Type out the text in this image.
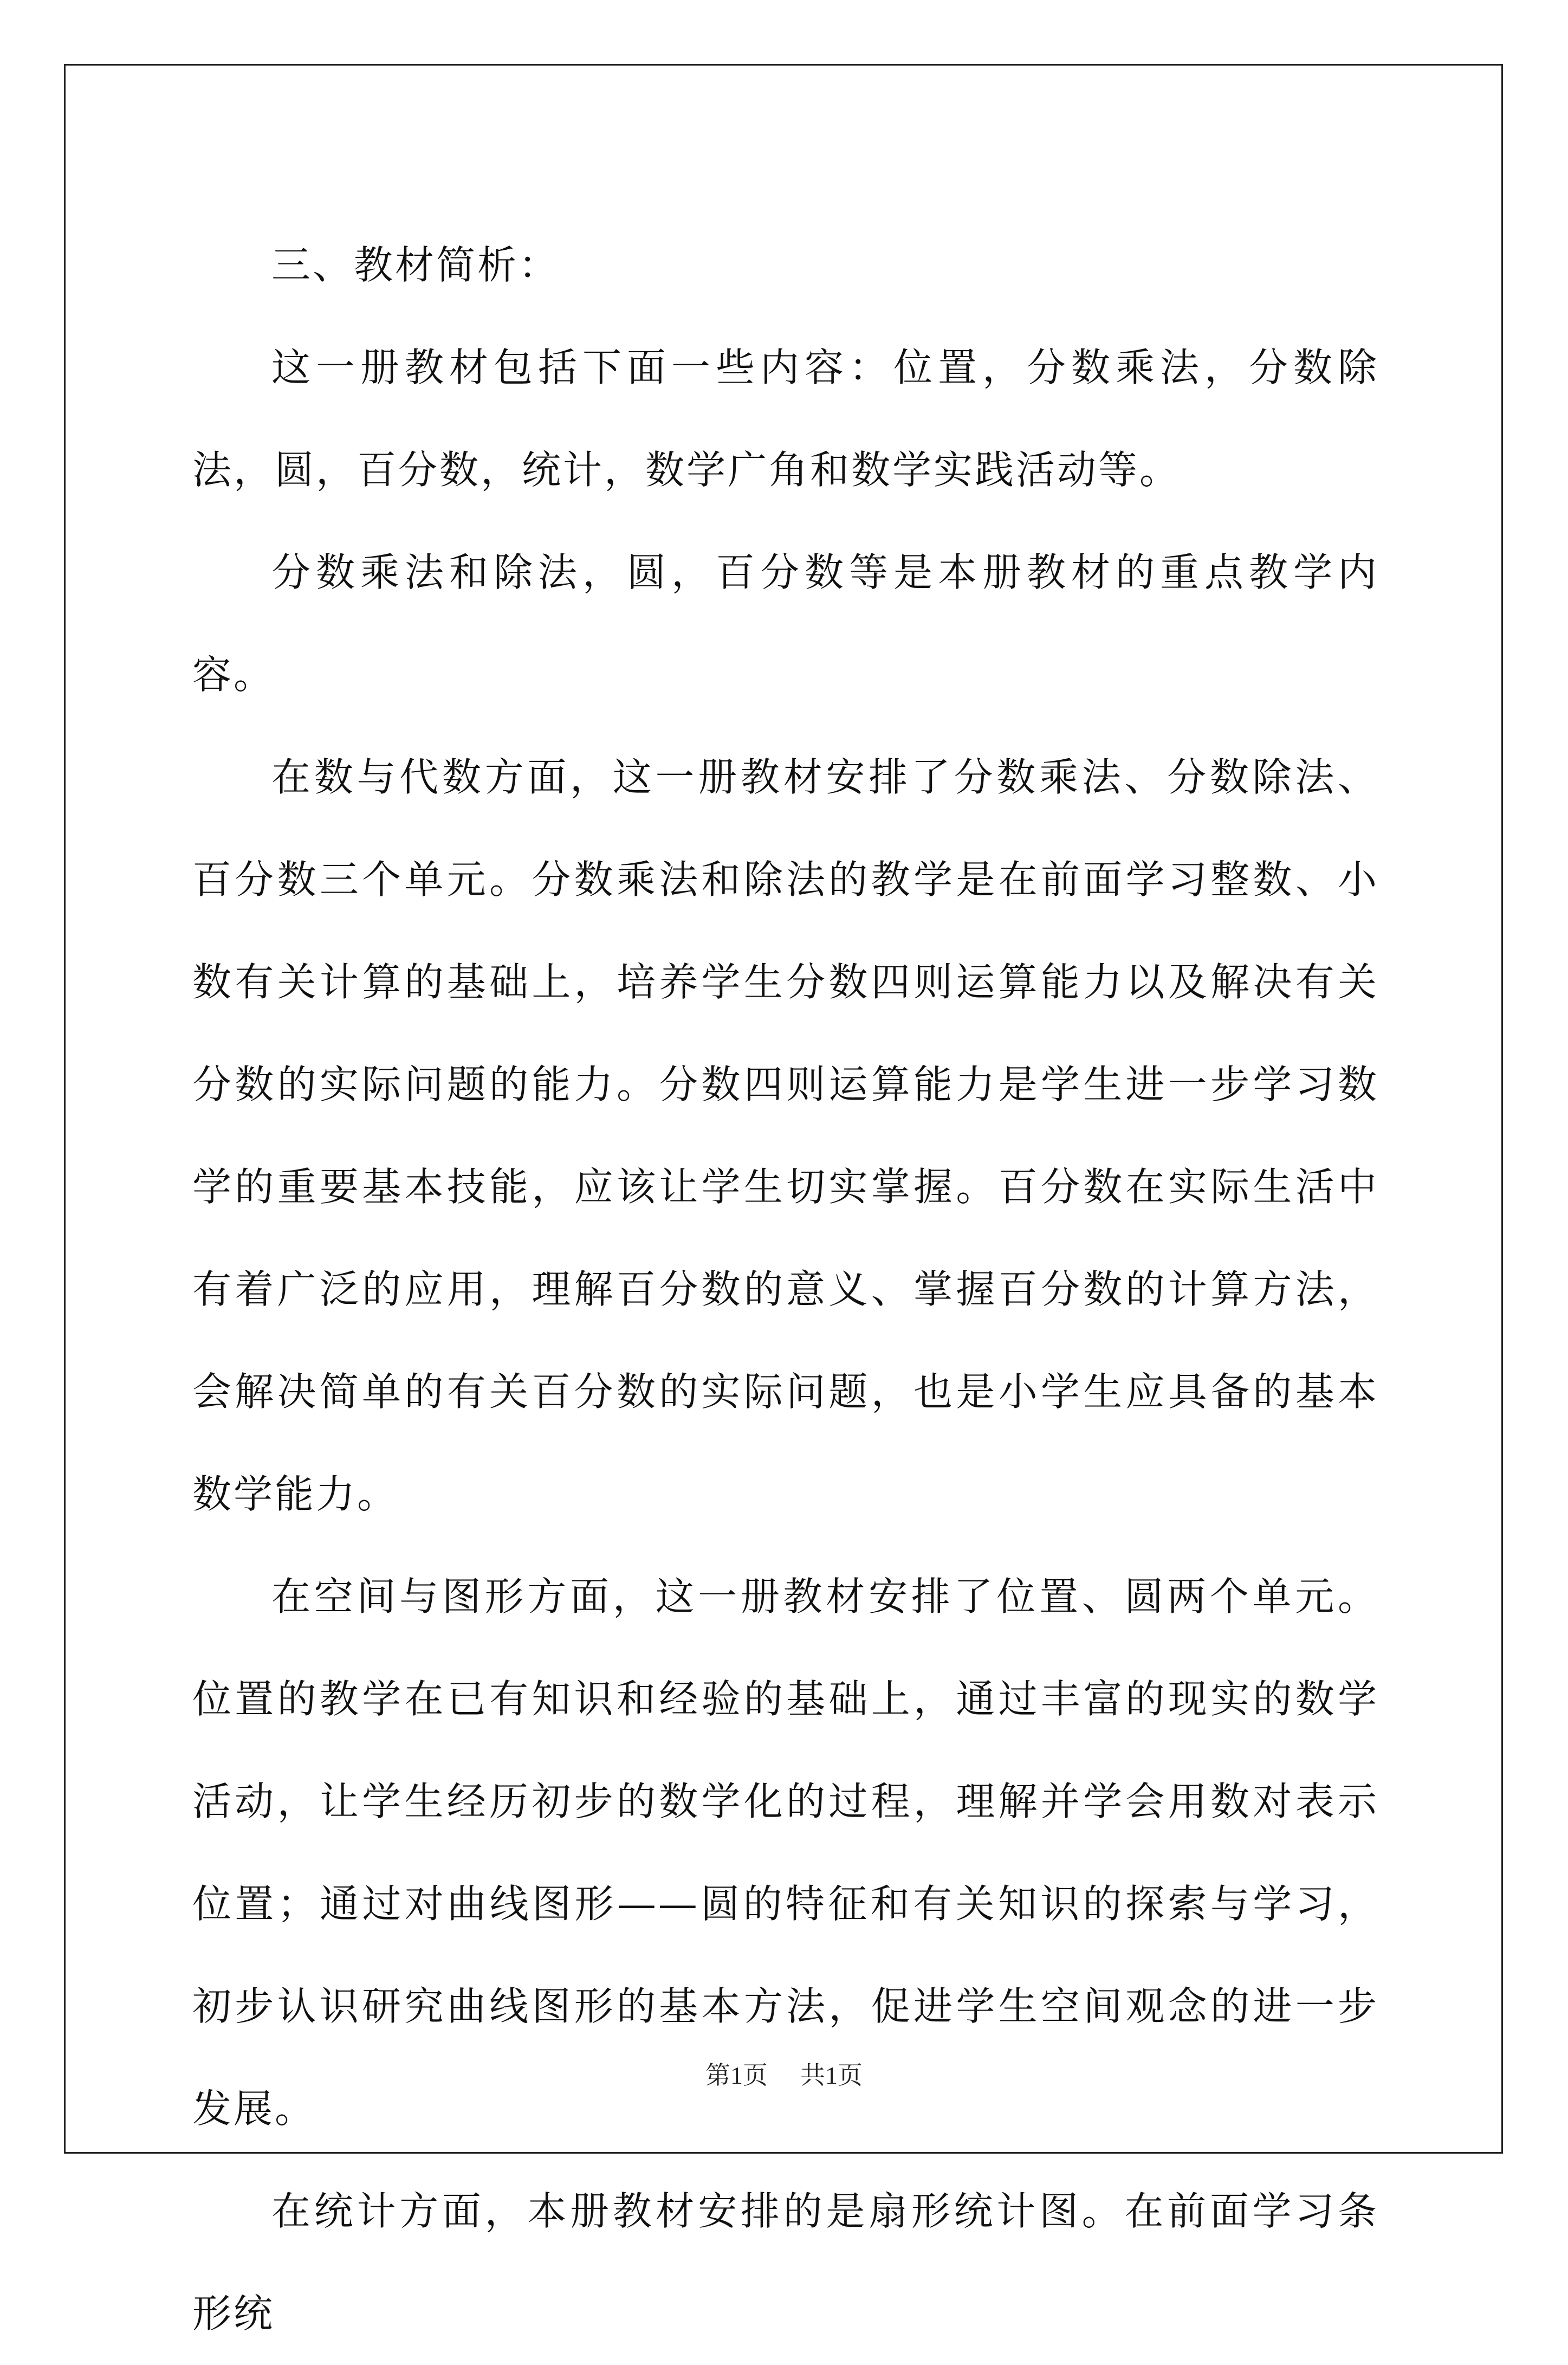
三、教材简析：

这一册教材包括下面一些内容：位置，分数乘法，分数除法，圆，百分数，统计，数学广角和数学实践活动等。

分数乘法和除法，圆，百分数等是本册教材的重点教学内容。

在数与代数方面，这一册教材安排了分数乘法、分数除法、百分数三个单元。分数乘法和除法的教学是在前面学习整数、小数有关计算的基础上，培养学生分数四则运算能力以及解决有关分数的实际问题的能力。分数四则运算能力是学生进一步学习数学的重要基本技能，应该让学生切实掌握。百分数在实际生活中有着广泛的应用，理解百分数的意义、掌握百分数的计算方法，会解决简单的有关百分数的实际问题，也是小学生应具备的基本数学能力。

在空间与图形方面，这一册教材安排了位置、圆两个单元。位置的教学在已有知识和经验的基础上，通过丰富的现实的数学活动，让学生经历初步的数学化的过程，理解并学会用数对表示位置；通过对曲线图形——圆的特征和有关知识的探索与学习，初步认识研究曲线图形的基本方法，促进学生空间观念的进一步发展。

在统计方面，本册教材安排的是扇形统计图。在前面学习条形统

第1页 共1页
